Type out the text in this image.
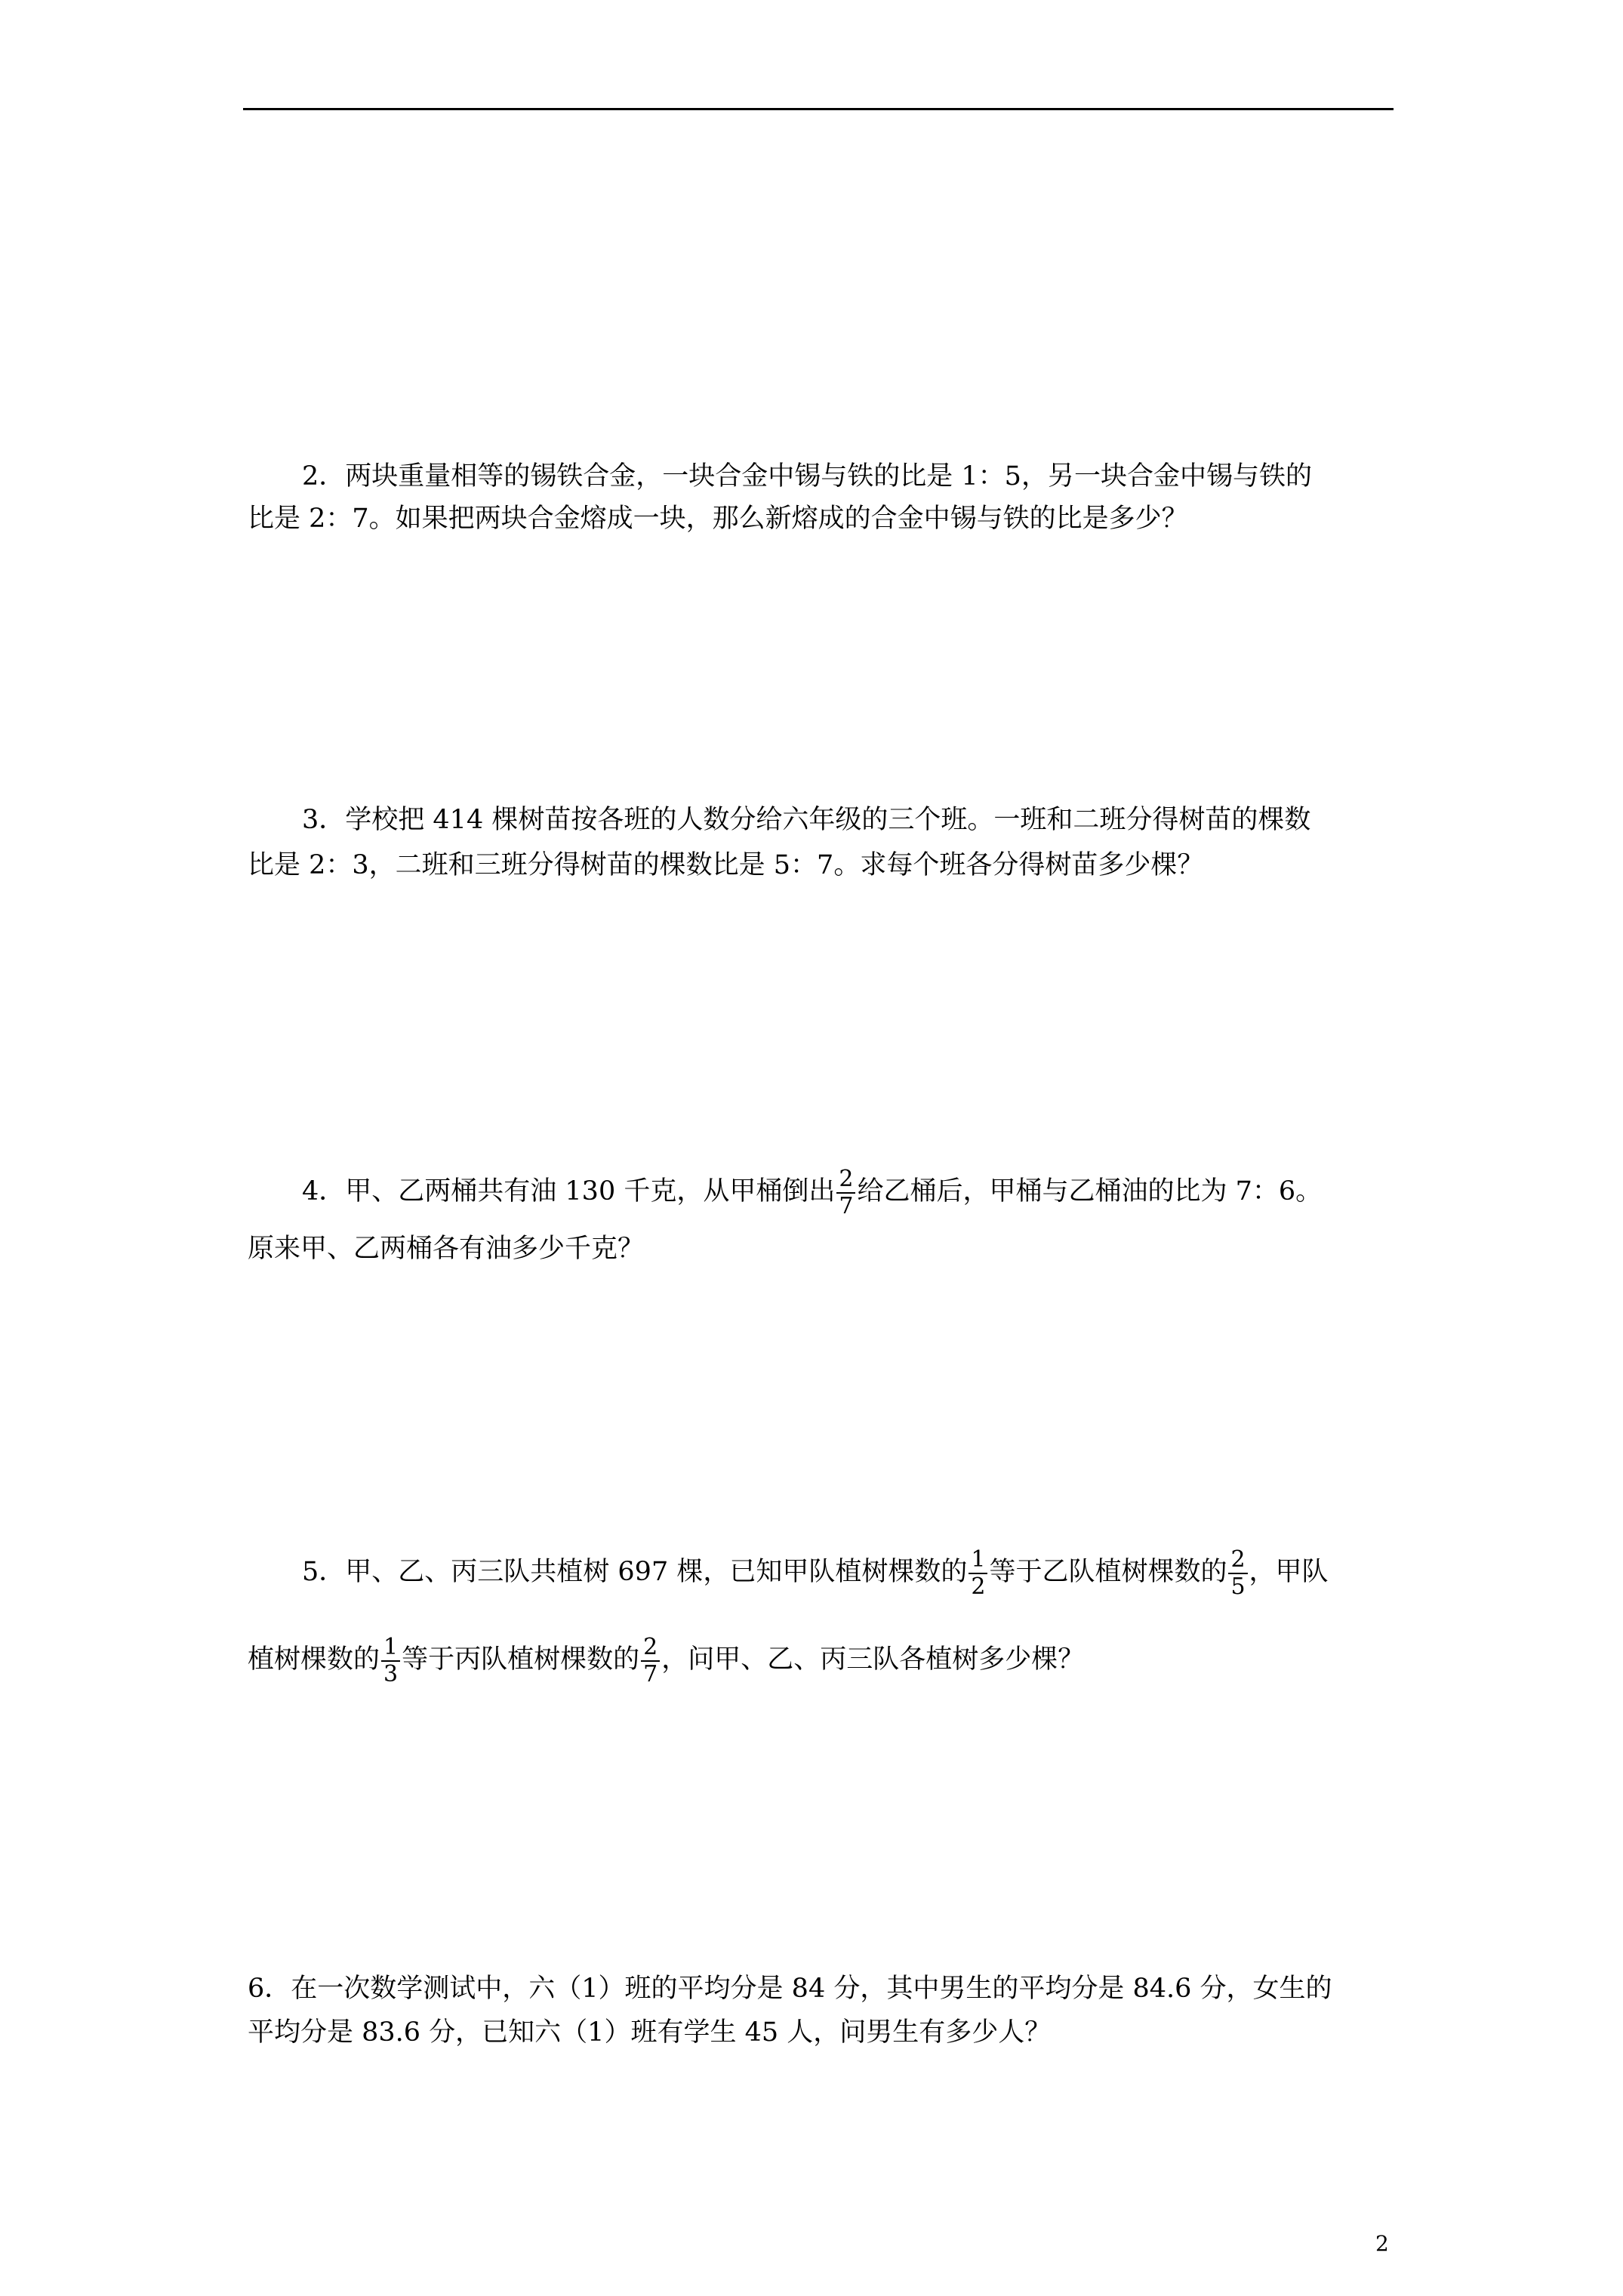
2．两块重量相等的锡铁合金，一块合金中锡与铁的比是 1：5，另一块合金中锡与铁的
比是 2：7。如果把两块合金熔成一块，那么新熔成的合金中锡与铁的比是多少？
3．学校把 414 棵树苗按各班的人数分给六年级的三个班。一班和二班分得树苗的棵数
比是 2：3，二班和三班分得树苗的棵数比是 5：7。求每个班各分得树苗多少棵？
4．甲、乙两桶共有油 130 千克，从甲桶倒出 $\frac{2}{7}$ 给乙桶后，甲桶与乙桶油的比为 7：6。
原来甲、乙两桶各有油多少千克？
5．甲、乙、丙三队共植树 697 棵，已知甲队植树棵数的 $\frac{1}{2}$ 等于乙队植树棵数的 $\frac{2}{5}$ ，甲队
植树棵数的 $\frac{1}{3}$ 等于丙队植树棵数的 $\frac{2}{7}$ ，问甲、乙、丙三队各植树多少棵？
6．在一次数学测试中，六（1）班的平均分是 84 分，其中男生的平均分是 84.6 分，女生的
平均分是 83.6 分，已知六（1）班有学生 45 人，问男生有多少人？
2
